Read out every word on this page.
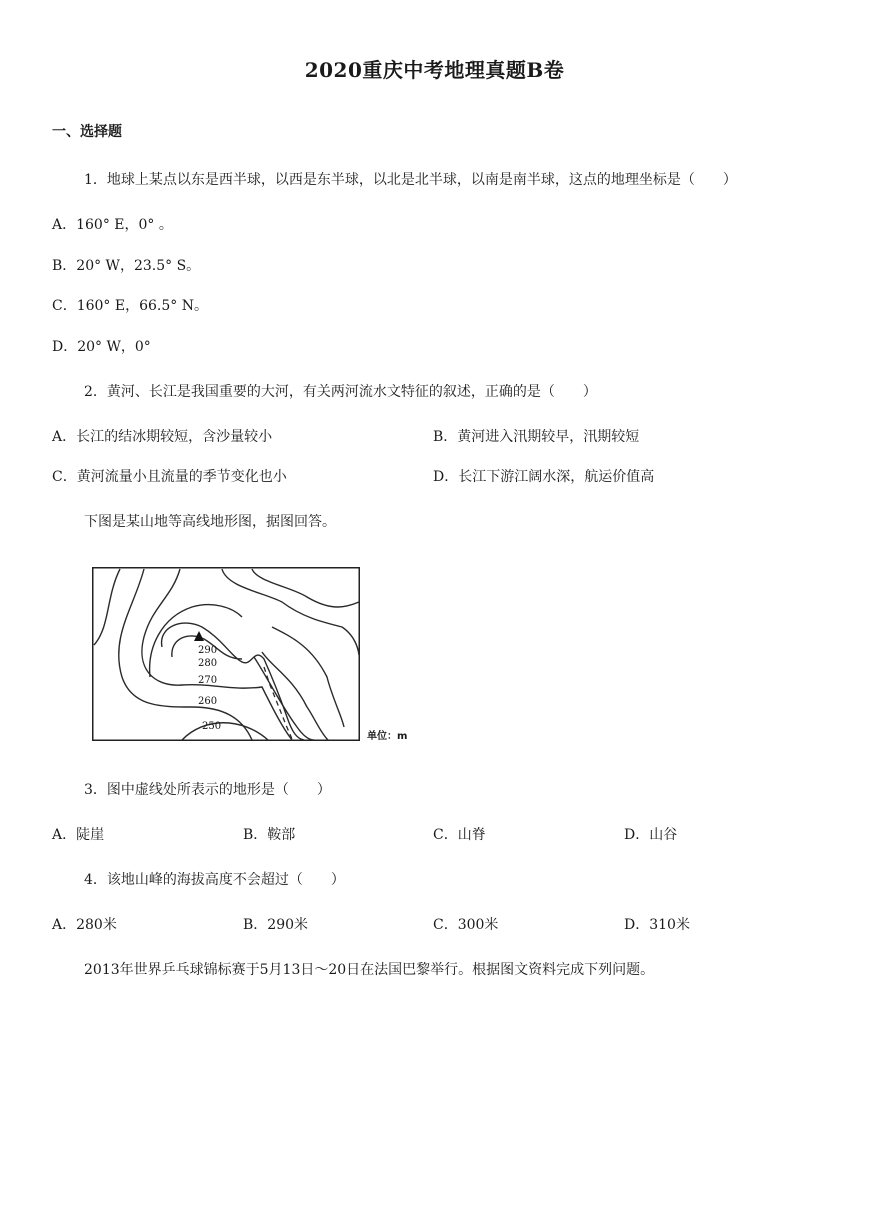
2020重庆中考地理真题B卷
一、选择题
1．地球上某点以东是西半球，以西是东半球，以北是北半球，以南是南半球，这点的地理坐标是（　　）
A．160° E，0° 。
B．20° W，23.5° S。
C．160° E，66.5° N。
D．20° W，0°
2．黄河、长江是我国重要的大河，有关两河流水文特征的叙述，正确的是（　　）
A．长江的结冰期较短，含沙量较小	B．黄河进入汛期较早，汛期较短
C．黄河流量小且流量的季节变化也小	D．长江下游江阔水深，航运价值高
下图是某山地等高线地形图，据图回答。
290
280
270
260
250
单位：m
3．图中虚线处所表示的地形是（　　）
A．陡崖	B．鞍部	C．山脊	D．山谷
4．该地山峰的海拔高度不会超过（　　）
A．280米	B．290米	C．300米	D．310米
2013年世界乒乓球锦标赛于5月13日～20日在法国巴黎举行。根据图文资料完成下列问题。
